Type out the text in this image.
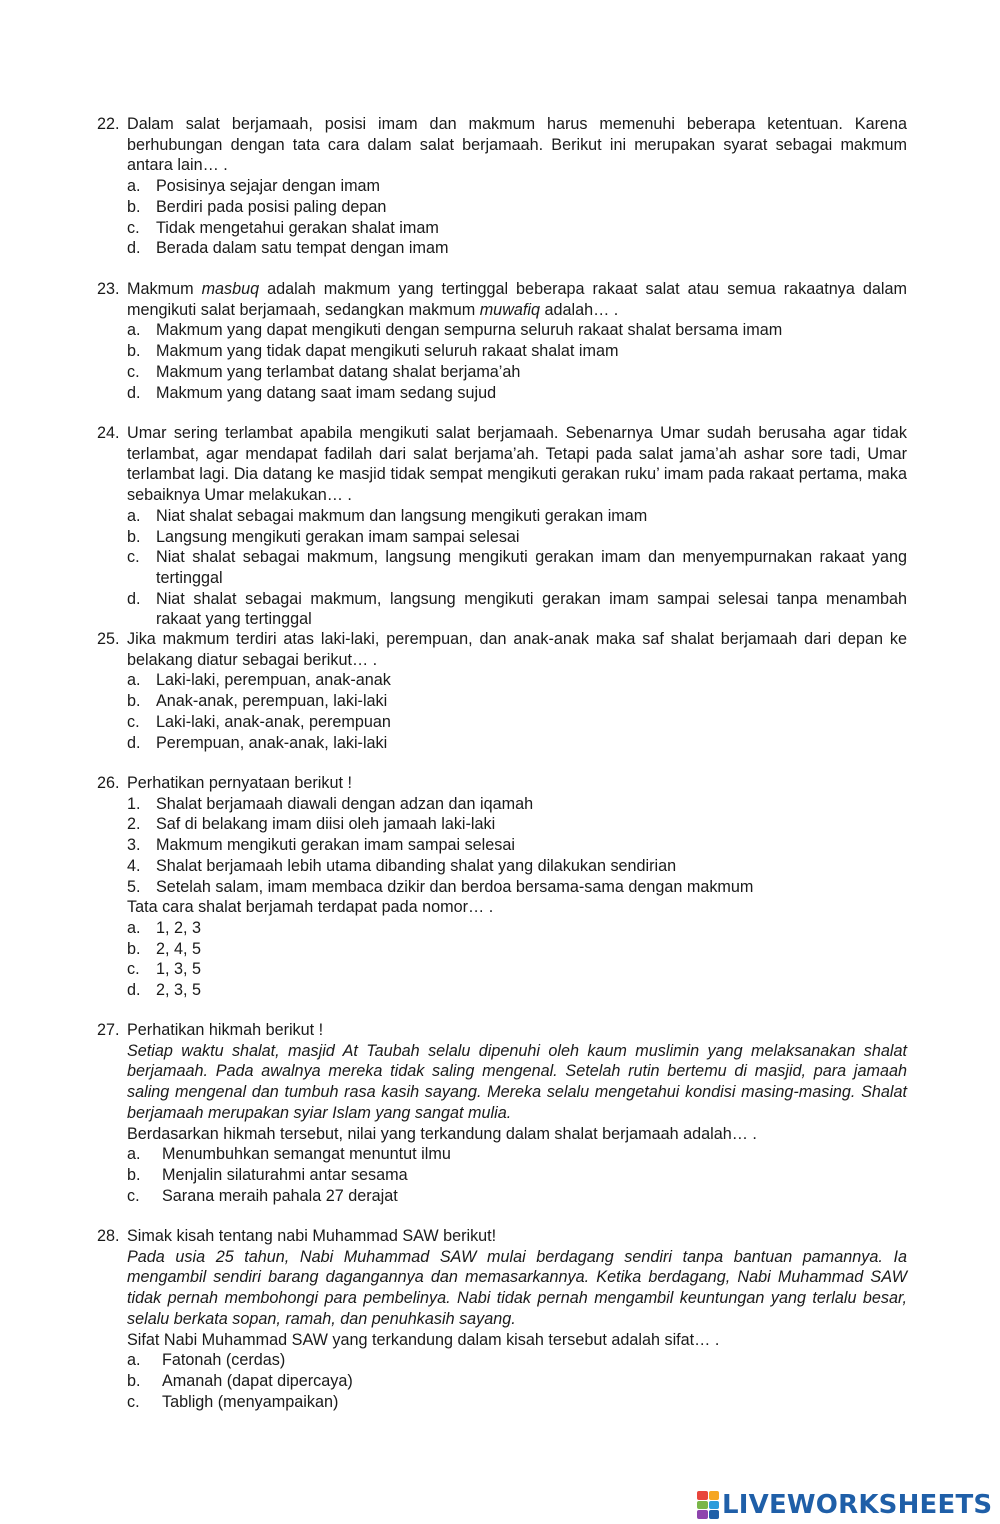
22. Dalam salat berjamaah, posisi imam dan makmum harus memenuhi beberapa ketentuan. Karena berhubungan dengan tata cara dalam salat berjamaah. Berikut ini merupakan syarat sebagai makmum antara lain… .
a. Posisinya sejajar dengan imam
b. Berdiri pada posisi paling depan
c.	Tidak mengetahui gerakan shalat imam
d. Berada dalam satu tempat dengan imam
23. Makmum masbuq adalah makmum yang tertinggal beberapa rakaat salat atau semua rakaatnya dalam mengikuti salat berjamaah, sedangkan makmum muwafiq adalah… .
a. Makmum yang dapat mengikuti dengan sempurna seluruh rakaat shalat bersama imam
b. Makmum yang tidak dapat mengikuti seluruh rakaat shalat imam
c.	Makmum yang terlambat datang shalat berjama’ah
d. Makmum yang datang saat imam sedang sujud
24. Umar sering terlambat apabila mengikuti salat berjamaah. Sebenarnya Umar sudah berusaha agar tidak terlambat, agar mendapat fadilah dari salat berjama’ah. Tetapi pada salat jama’ah ashar sore tadi, Umar terlambat lagi. Dia datang ke masjid tidak sempat mengikuti gerakan ruku’ imam pada rakaat pertama, maka sebaiknya Umar melakukan… .
a. Niat shalat sebagai makmum dan langsung mengikuti gerakan imam
b. Langsung mengikuti gerakan imam sampai selesai
c.	Niat shalat sebagai makmum, langsung mengikuti gerakan imam dan menyempurnakan rakaat yang tertinggal
d. Niat shalat sebagai makmum, langsung mengikuti gerakan imam sampai selesai tanpa menambah rakaat yang tertinggal
25. Jika makmum terdiri atas laki-laki, perempuan, dan anak-anak maka saf shalat berjamaah dari depan ke belakang diatur sebagai berikut… .
a. Laki-laki, perempuan, anak-anak
b. Anak-anak, perempuan, laki-laki
c.	Laki-laki, anak-anak, perempuan
d. Perempuan, anak-anak, laki-laki
26. Perhatikan pernyataan berikut !
1. Shalat berjamaah diawali dengan adzan dan iqamah
2. Saf di belakang imam diisi oleh jamaah laki-laki
3. Makmum mengikuti gerakan imam sampai selesai
4. Shalat berjamaah lebih utama dibanding shalat yang dilakukan sendirian
5. Setelah salam, imam membaca dzikir dan berdoa bersama-sama dengan makmum
Tata cara shalat berjamah terdapat pada nomor… .
a. 1, 2, 3
b. 2, 4, 5
c.	1, 3, 5
d. 2, 3, 5
27. Perhatikan hikmah berikut !
Setiap waktu shalat, masjid At Taubah selalu dipenuhi oleh kaum muslimin yang melaksanakan shalat berjamaah. Pada awalnya mereka tidak saling mengenal. Setelah rutin bertemu di masjid, para jamaah saling mengenal dan tumbuh rasa kasih sayang. Mereka selalu mengetahui kondisi masing-masing. Shalat berjamaah merupakan syiar Islam yang sangat mulia.
Berdasarkan hikmah tersebut, nilai yang terkandung dalam shalat berjamaah adalah… .
a.	Menumbuhkan semangat menuntut ilmu
b.	Menjalin silaturahmi antar sesama
c.	Sarana meraih pahala 27 derajat
28. Simak kisah tentang nabi Muhammad SAW berikut!
Pada usia 25 tahun, Nabi Muhammad SAW mulai berdagang sendiri tanpa bantuan pamannya. Ia mengambil sendiri barang dagangannya dan memasarkannya. Ketika berdagang, Nabi Muhammad SAW tidak pernah membohongi para pembelinya. Nabi tidak pernah mengambil keuntungan yang terlalu besar, selalu berkata sopan, ramah, dan penuhkasih sayang.
Sifat Nabi Muhammad SAW yang terkandung dalam kisah tersebut adalah sifat… .
a.	Fatonah (cerdas)
b.	Amanah (dapat dipercaya)
c.	Tabligh (menyampaikan)
LIVEWORKSHEETS
